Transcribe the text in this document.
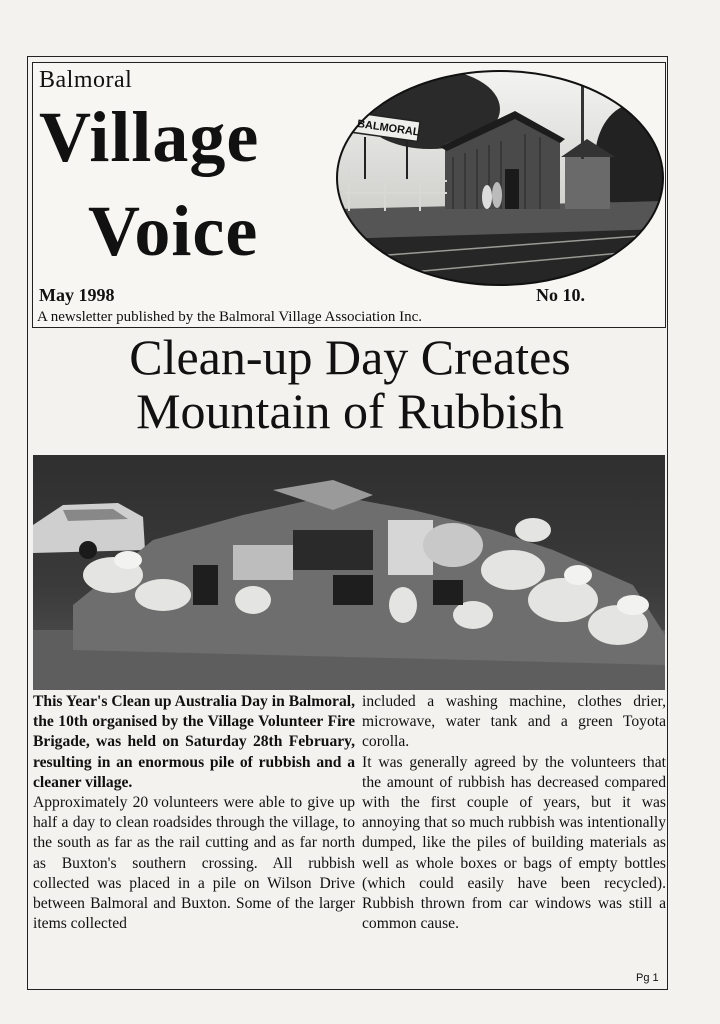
Balmoral
Village
Voice
May 1998	No 10.
A newsletter published by the Balmoral Village Association Inc.
BALMORAL
Clean-up Day Creates
Mountain of Rubbish

This Year's Clean up Australia Day in Balmoral, the 10th organised by the Village Volunteer Fire Brigade, was held on Saturday 28th February, resulting in an enormous pile of rubbish and a cleaner village.

Approximately 20 volunteers were able to give up half a day to clean roadsides through the village, to the south as far as the rail cutting and as far north as Buxton's southern crossing. All rubbish collected was placed in a pile on Wilson Drive between Balmoral and Buxton. Some of the larger items collected

included a washing machine, clothes drier, microwave, water tank and a green Toyota corolla.

It was generally agreed by the volunteers that the amount of rubbish has decreased compared with the first couple of years, but it was annoying that so much rubbish was intentionally dumped, like the piles of building materials as well as whole boxes or bags of empty bottles (which could easily have been recycled). Rubbish thrown from car windows was still a common cause.

Pg 1
